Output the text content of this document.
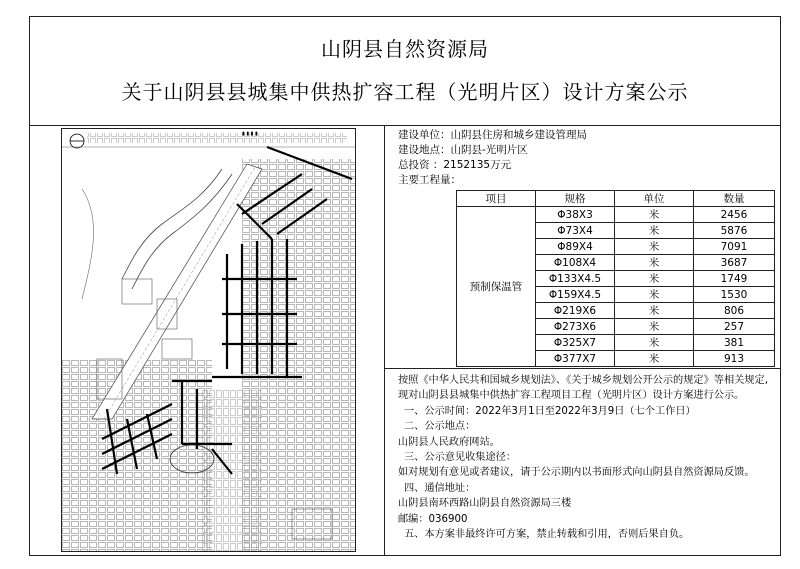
山阴县自然资源局
关于山阴县县城集中供热扩容工程（光明片区）设计方案公示
▮ ▮ ▮ ▮	建设单位：山阴县住房和城乡建设管理局
建设地点：山阴县-光明片区
总投资 ：2152135万元
主要工程量：
项目	规格	单位	数量
预制保温管	Φ38X3	米	2456
	Φ73X4	米	5876
	Φ89X4	米	7091
	Φ108X4	米	3687
	Φ133X4.5	米	1749
	Φ159X4.5	米	1530
	Φ219X6	米	806
	Φ273X6	米	257
	Φ325X7	米	381
	Φ377X7	米	913
按照《中华人民共和国城乡规划法》、《关于城乡规划公开公示的规定》等相关规定,
现对山阴县县城集中供热扩容工程项目工程（光明片区）设计方案进行公示。
一、公示时间：2022年3月1日至2022年3月9日（七个工作日）
二、公示地点：
山阴县人民政府网站。
三、公示意见收集途径：
如对规划有意见或者建议，请于公示期内以书面形式向山阴县自然资源局反馈。
四、通信地址：
山阴县南环西路山阴县自然资源局三楼
邮编：036900
五、本方案非最终许可方案，禁止转载和引用，否则后果自负。
